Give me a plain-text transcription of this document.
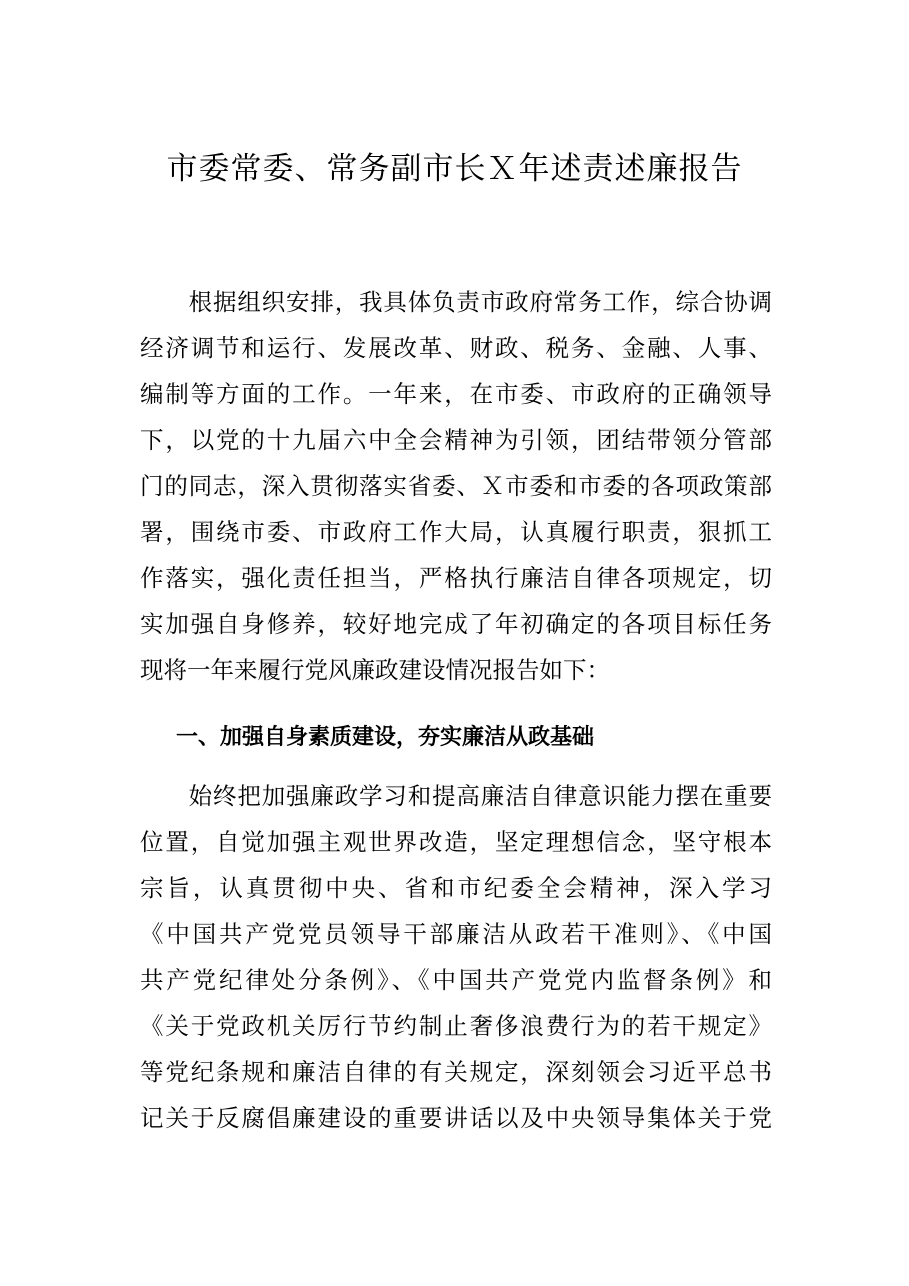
市委常委、常务副市长Ｘ年述责述廉报告
　　根据组织安排，我具体负责市政府常务工作，综合协调
经济调节和运行、发展改革、财政、税务、金融、人事、
编制等方面的工作。一年来，在市委、市政府的正确领导
下，以党的十九届六中全会精神为引领，团结带领分管部
门的同志，深入贯彻落实省委、Ｘ市委和市委的各项政策部
署，围绕市委、市政府工作大局，认真履行职责，狠抓工
作落实，强化责任担当，严格执行廉洁自律各项规定，切
实加强自身修养，较好地完成了年初确定的各项目标任务
现将一年来履行党风廉政建设情况报告如下：
一、加强自身素质建设，夯实廉洁从政基础
　　始终把加强廉政学习和提高廉洁自律意识能力摆在重要
位置，自觉加强主观世界改造，坚定理想信念，坚守根本
宗旨，认真贯彻中央、省和市纪委全会精神，深入学习
《中国共产党党员领导干部廉洁从政若干准则》、《中国
共产党纪律处分条例》、《中国共产党党内监督条例》和
《关于党政机关厉行节约制止奢侈浪费行为的若干规定》
等党纪条规和廉洁自律的有关规定，深刻领会习近平总书
记关于反腐倡廉建设的重要讲话以及中央领导集体关于党
